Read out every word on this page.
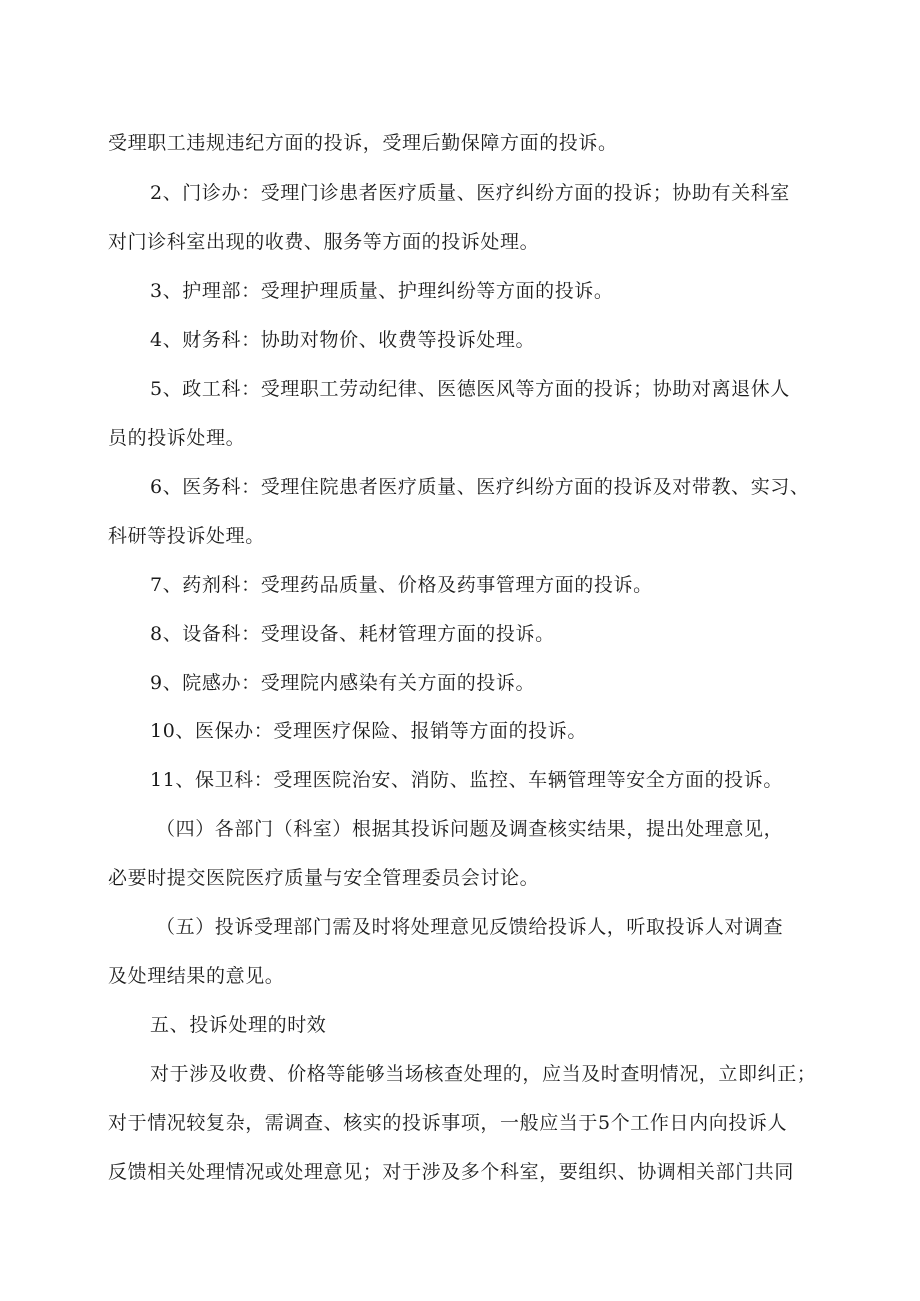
受理职工违规违纪方面的投诉，受理后勤保障方面的投诉。
2、门诊办：受理门诊患者医疗质量、医疗纠纷方面的投诉；协助有关科室
对门诊科室出现的收费、服务等方面的投诉处理。
3、护理部：受理护理质量、护理纠纷等方面的投诉。
4、财务科：协助对物价、收费等投诉处理。
5、政工科：受理职工劳动纪律、医德医风等方面的投诉；协助对离退休人
员的投诉处理。
6、医务科：受理住院患者医疗质量、医疗纠纷方面的投诉及对带教、实习、
科研等投诉处理。
7、药剂科：受理药品质量、价格及药事管理方面的投诉。
8、设备科：受理设备、耗材管理方面的投诉。
9、院感办：受理院内感染有关方面的投诉。
10、医保办：受理医疗保险、报销等方面的投诉。
11、保卫科：受理医院治安、消防、监控、车辆管理等安全方面的投诉。
（四）各部门（科室）根据其投诉问题及调查核实结果，提出处理意见，
必要时提交医院医疗质量与安全管理委员会讨论。
（五）投诉受理部门需及时将处理意见反馈给投诉人，听取投诉人对调查
及处理结果的意见。
五、投诉处理的时效
对于涉及收费、价格等能够当场核查处理的，应当及时查明情况，立即纠正；
对于情况较复杂，需调查、核实的投诉事项，一般应当于5个工作日内向投诉人
反馈相关处理情况或处理意见；对于涉及多个科室，要组织、协调相关部门共同
